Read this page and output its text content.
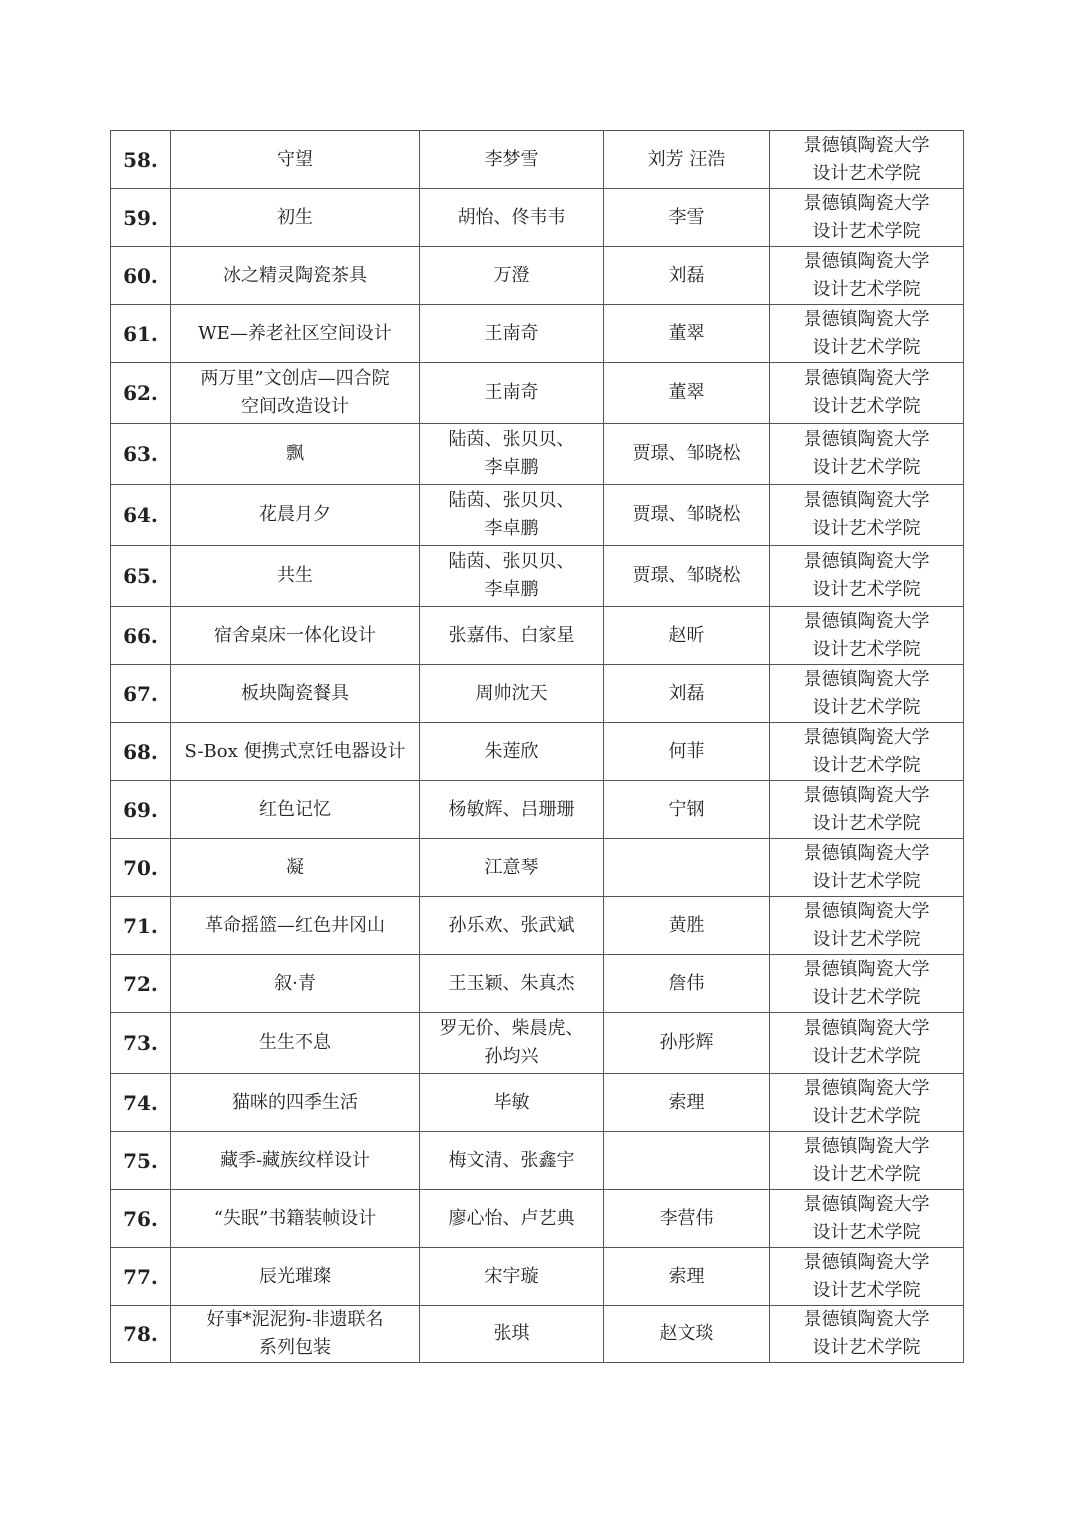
58.	守望	李梦雪	刘芳 汪浩	景德镇陶瓷大学
设计艺术学院

59.	初生	胡怡、佟韦韦	李雪	景德镇陶瓷大学
设计艺术学院

60.	冰之精灵陶瓷茶具	万澄	刘磊	景德镇陶瓷大学
设计艺术学院

61.	WE—养老社区空间设计	王南奇	董翠	景德镇陶瓷大学
设计艺术学院

62.	两万里”文创店—四合院
空间改造设计	王南奇	董翠	景德镇陶瓷大学
设计艺术学院

63.	飘	陆茵、张贝贝、
李卓鹏	贾璟、邹晓松	景德镇陶瓷大学
设计艺术学院

64.	花晨月夕	陆茵、张贝贝、
李卓鹏	贾璟、邹晓松	景德镇陶瓷大学
设计艺术学院

65.	共生	陆茵、张贝贝、
李卓鹏	贾璟、邹晓松	景德镇陶瓷大学
设计艺术学院

66.	宿舍桌床一体化设计	张嘉伟、白家星	赵昕	景德镇陶瓷大学
设计艺术学院

67.	板块陶瓷餐具	周帅沈天	刘磊	景德镇陶瓷大学
设计艺术学院

68.	S-Box 便携式烹饪电器设计	朱莲欣	何菲	景德镇陶瓷大学
设计艺术学院

69.	红色记忆	杨敏辉、吕珊珊	宁钢	景德镇陶瓷大学
设计艺术学院

70.	凝	江意琴		景德镇陶瓷大学
设计艺术学院

71.	革命摇篮—红色井冈山	孙乐欢、张武斌	黄胜	景德镇陶瓷大学
设计艺术学院

72.	叙·青	王玉颖、朱真杰	詹伟	景德镇陶瓷大学
设计艺术学院

73.	生生不息	罗无价、柴晨虎、
孙均兴	孙彤辉	景德镇陶瓷大学
设计艺术学院

74.	猫咪的四季生活	毕敏	索理	景德镇陶瓷大学
设计艺术学院

75.	藏季-藏族纹样设计	梅文清、张鑫宇		景德镇陶瓷大学
设计艺术学院

76.	“失眠”书籍装帧设计	廖心怡、卢艺典	李营伟	景德镇陶瓷大学
设计艺术学院

77.	辰光璀璨	宋宇璇	索理	景德镇陶瓷大学
设计艺术学院

78.	好事*泥泥狗-非遗联名
系列包装	张琪	赵文琰	景德镇陶瓷大学
设计艺术学院
